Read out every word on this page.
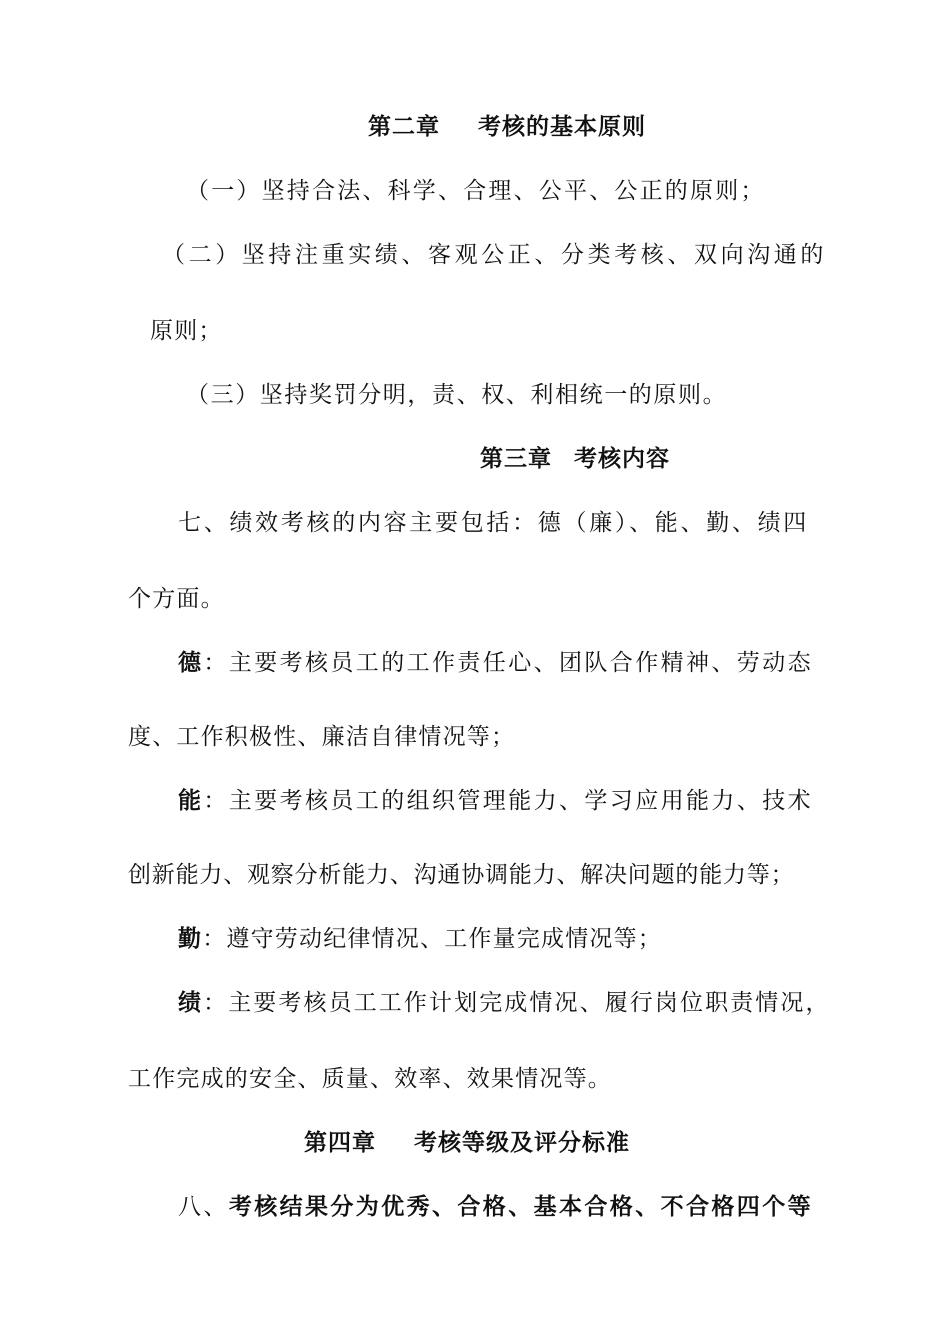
第二章 考核的基本原则
（一）坚持合法、科学、合理、公平、公正的原则；
（二）坚持注重实绩、客观公正、分类考核、双向沟通的
原则；
（三）坚持奖罚分明，责、权、利相统一的原则。
第三章 考核内容
七、绩效考核的内容主要包括：德（廉）、能、勤、绩四
个方面。
德：主要考核员工的工作责任心、团队合作精神、劳动态
度、工作积极性、廉洁自律情况等；
能：主要考核员工的组织管理能力、学习应用能力、技术
创新能力、观察分析能力、沟通协调能力、解决问题的能力等；
勤：遵守劳动纪律情况、工作量完成情况等；
绩：主要考核员工工作计划完成情况、履行岗位职责情况，
工作完成的安全、质量、效率、效果情况等。
第四章 考核等级及评分标准
八、考核结果分为优秀、合格、基本合格、不合格四个等
